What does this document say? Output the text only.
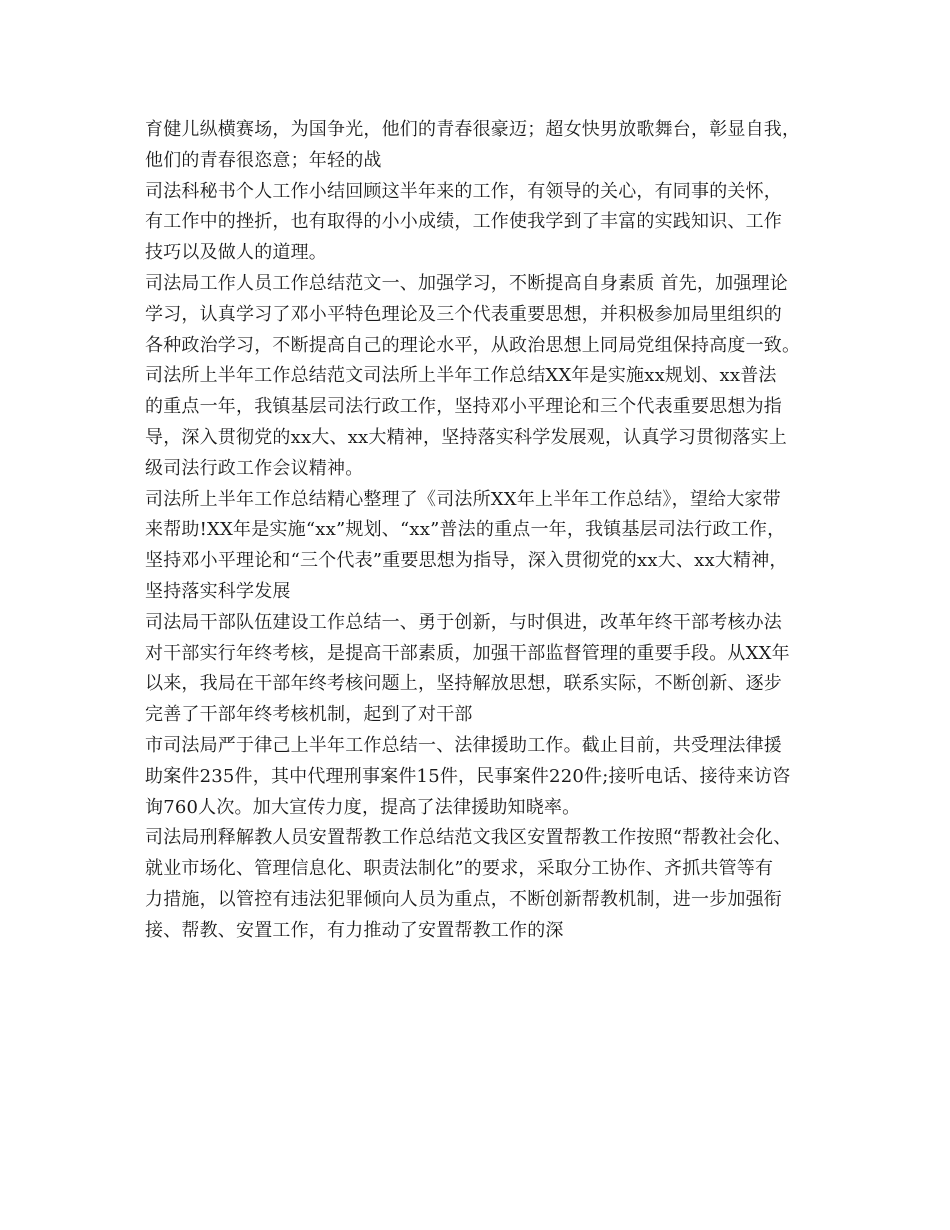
育健儿纵横赛场，为国争光，他们的青春很豪迈；超女快男放歌舞台，彰显自我，
他们的青春很恣意；年轻的战
司法科秘书个人工作小结回顾这半年来的工作，有领导的关心，有同事的关怀，
有工作中的挫折，也有取得的小小成绩，工作使我学到了丰富的实践知识、工作
技巧以及做人的道理。
司法局工作人员工作总结范文一、加强学习，不断提高自身素质 首先，加强理论
学习，认真学习了邓小平特色理论及三个代表重要思想，并积极参加局里组织的
各种政治学习，不断提高自己的理论水平，从政治思想上同局党组保持高度一致。
司法所上半年工作总结范文司法所上半年工作总结XX年是实施xx规划、xx普法
的重点一年，我镇基层司法行政工作，坚持邓小平理论和三个代表重要思想为指
导，深入贯彻党的xx大、xx大精神，坚持落实科学发展观，认真学习贯彻落实上
级司法行政工作会议精神。
司法所上半年工作总结精心整理了《司法所XX年上半年工作总结》，望给大家带
来帮助!XX年是实施“xx”规划、“xx”普法的重点一年，我镇基层司法行政工作，
坚持邓小平理论和“三个代表”重要思想为指导，深入贯彻党的xx大、xx大精神，
坚持落实科学发展
司法局干部队伍建设工作总结一、勇于创新，与时俱进，改革年终干部考核办法
对干部实行年终考核，是提高干部素质，加强干部监督管理的重要手段。从XX年
以来，我局在干部年终考核问题上，坚持解放思想，联系实际，不断创新、逐步
完善了干部年终考核机制，起到了对干部
市司法局严于律己上半年工作总结一、法律援助工作。截止目前，共受理法律援
助案件235件，其中代理刑事案件15件，民事案件220件;接听电话、接待来访咨
询760人次。加大宣传力度，提高了法律援助知晓率。
司法局刑释解教人员安置帮教工作总结范文我区安置帮教工作按照“帮教社会化、
就业市场化、管理信息化、职责法制化”的要求，采取分工协作、齐抓共管等有
力措施，以管控有违法犯罪倾向人员为重点，不断创新帮教机制，进一步加强衔
接、帮教、安置工作，有力推动了安置帮教工作的深
